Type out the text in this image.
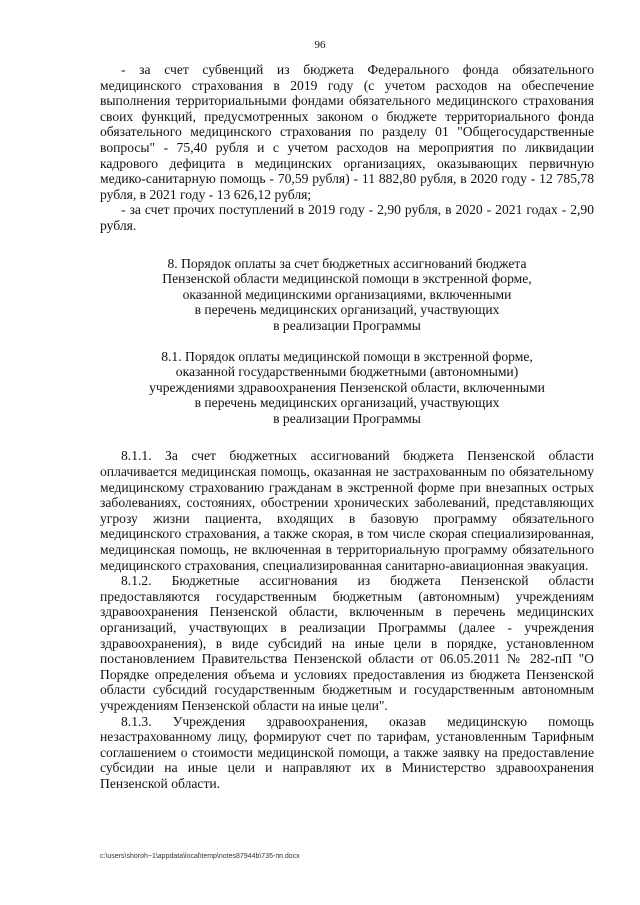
96

- за счет субвенций из бюджета Федерального фонда обязательного медицинского страхования в 2019 году (с учетом расходов на обеспечение выполнения территориальными фондами обязательного медицинского страхования своих функций, предусмотренных законом о бюджете территориального фонда обязательного медицинского страхования по разделу 01 "Общегосударственные вопросы" - 75,40 рубля и с учетом расходов на мероприятия по ликвидации кадрового дефицита в медицинских организациях, оказывающих первичную медико-санитарную помощь - 70,59 рубля) - 11 882,80 рубля, в 2020 году - 12 785,78 рубля, в 2021 году - 13 626,12 рубля;

- за счет прочих поступлений в 2019 году - 2,90 рубля, в 2020 - 2021 годах - 2,90 рубля.

8. Порядок оплаты за счет бюджетных ассигнований бюджета
Пензенской области медицинской помощи в экстренной форме,
оказанной медицинскими организациями, включенными
в перечень медицинских организаций, участвующих
в реализации Программы
8.1. Порядок оплаты медицинской помощи в экстренной форме,
оказанной государственными бюджетными (автономными)
учреждениями здравоохранения Пензенской области, включенными
в перечень медицинских организаций, участвующих
в реализации Программы

8.1.1. За счет бюджетных ассигнований бюджета Пензенской области оплачивается медицинская помощь, оказанная не застрахованным по обязательному медицинскому страхованию гражданам в экстренной форме при внезапных острых заболеваниях, состояниях, обострении хронических заболеваний, представляющих угрозу жизни пациента, входящих в базовую программу обязательного медицинского страхования, а также скорая, в том числе скорая специализированная, медицинская помощь, не включенная в территориальную программу обязательного медицинского страхования, специализированная санитарно-авиационная эвакуация.

8.1.2. Бюджетные ассигнования из бюджета Пензенской области предоставляются государственным бюджетным (автономным) учреждениям здравоохранения Пензенской области, включенным в перечень медицинских организаций, участвующих в реализации Программы (далее - учреждения здравоохранения), в виде субсидий на иные цели в порядке, установленном постановлением Правительства Пензенской области от 06.05.2011 № 282-пП "О Порядке определения объема и условиях предоставления из бюджета Пензенской области субсидий государственным бюджетным и государственным автономным учреждениям Пензенской области на иные цели".

8.1.3. Учреждения здравоохранения, оказав медицинскую помощь незастрахованному лицу, формируют счет по тарифам, установленным Тарифным соглашением о стоимости медицинской помощи, а также заявку на предоставление субсидии на иные цели и направляют их в Министерство здравоохранения Пензенской области.

c:\users\shoroh~1\appdata\local\temp\notes87944b\735-пп.docx
